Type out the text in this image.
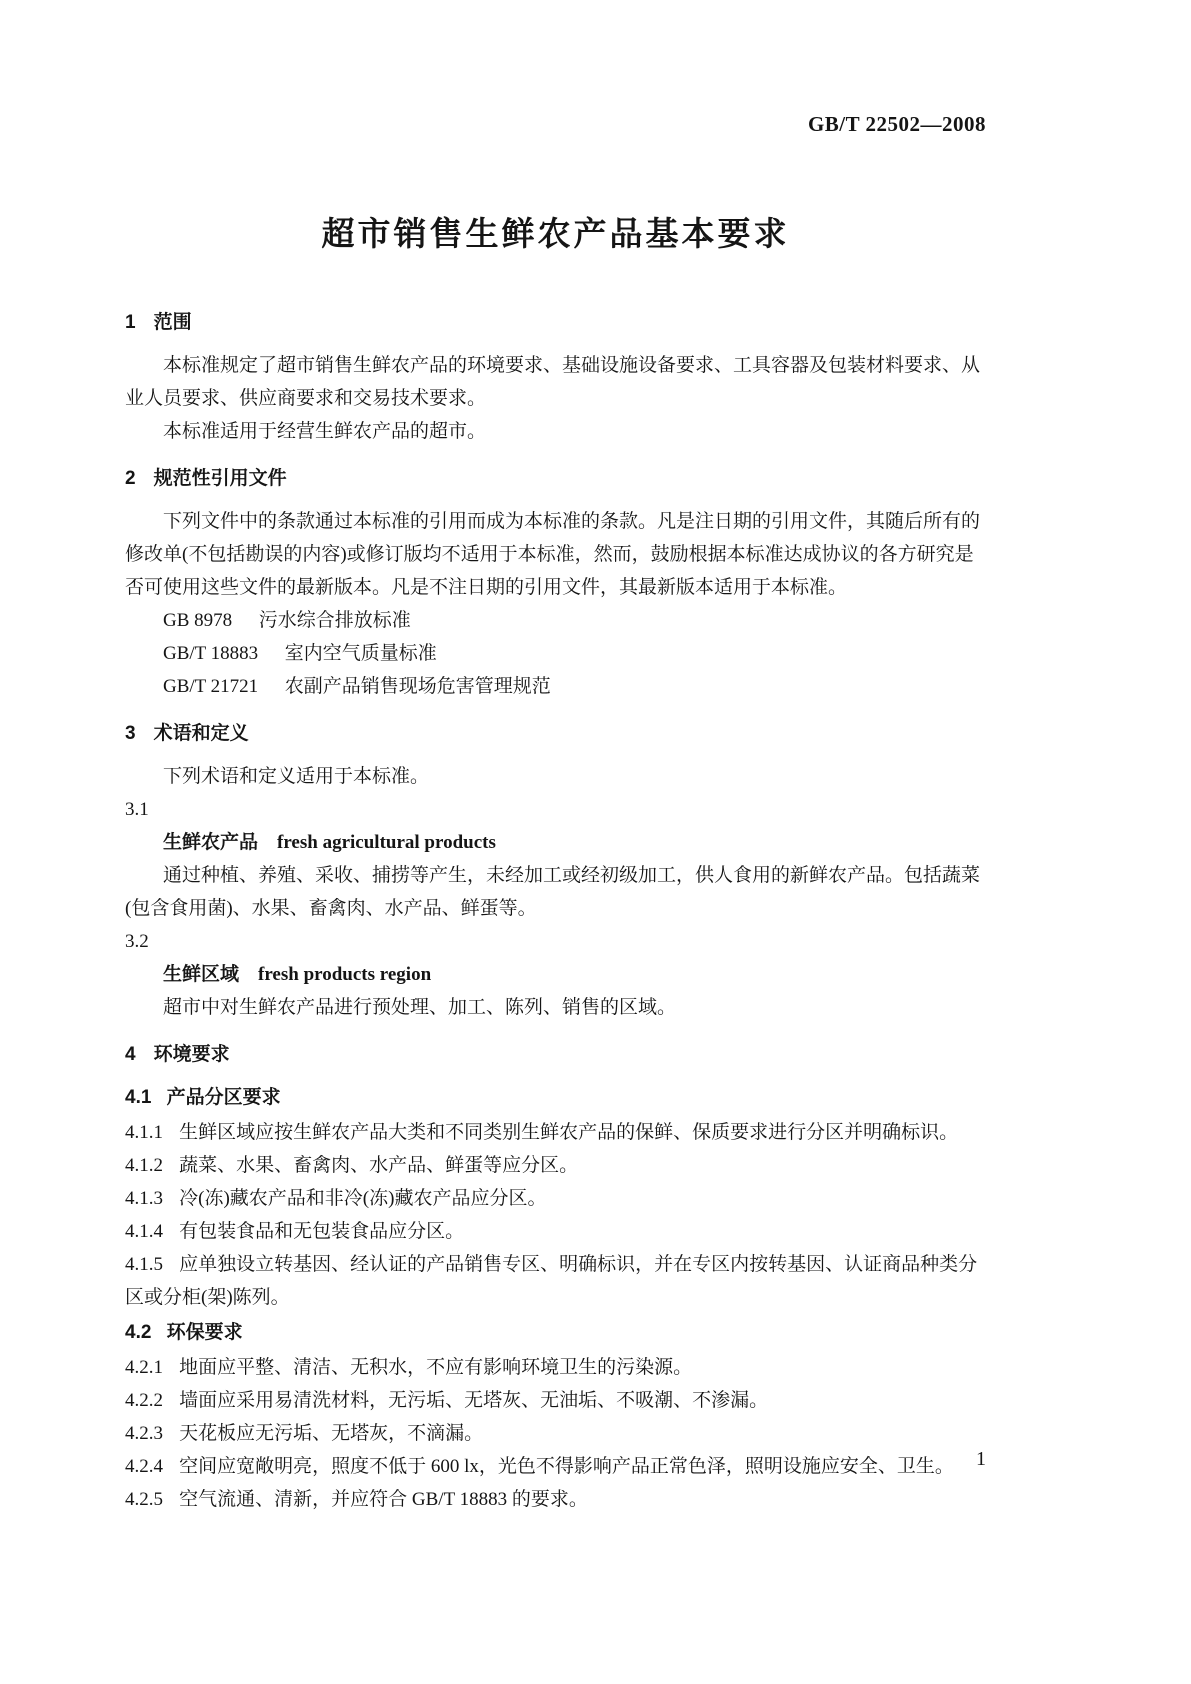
GB/T 22502—2008
超市销售生鲜农产品基本要求
1 范围
本标准规定了超市销售生鲜农产品的环境要求、基础设施设备要求、工具容器及包装材料要求、从业人员要求、供应商要求和交易技术要求。
本标准适用于经营生鲜农产品的超市。
2 规范性引用文件
下列文件中的条款通过本标准的引用而成为本标准的条款。凡是注日期的引用文件，其随后所有的修改单(不包括勘误的内容)或修订版均不适用于本标准，然而，鼓励根据本标准达成协议的各方研究是否可使用这些文件的最新版本。凡是不注日期的引用文件，其最新版本适用于本标准。
GB 8978 污水综合排放标准
GB/T 18883 室内空气质量标准
GB/T 21721 农副产品销售现场危害管理规范
3 术语和定义
下列术语和定义适用于本标准。
3.1
生鲜农产品 fresh agricultural products
通过种植、养殖、采收、捕捞等产生，未经加工或经初级加工，供人食用的新鲜农产品。包括蔬菜(包含食用菌)、水果、畜禽肉、水产品、鲜蛋等。
3.2
生鲜区域 fresh products region
超市中对生鲜农产品进行预处理、加工、陈列、销售的区域。
4 环境要求
4.1 产品分区要求
4.1.1 生鲜区域应按生鲜农产品大类和不同类别生鲜农产品的保鲜、保质要求进行分区并明确标识。
4.1.2 蔬菜、水果、畜禽肉、水产品、鲜蛋等应分区。
4.1.3 冷(冻)藏农产品和非冷(冻)藏农产品应分区。
4.1.4 有包装食品和无包装食品应分区。
4.1.5 应单独设立转基因、经认证的产品销售专区、明确标识，并在专区内按转基因、认证商品种类分区或分柜(架)陈列。
4.2 环保要求
4.2.1 地面应平整、清洁、无积水，不应有影响环境卫生的污染源。
4.2.2 墙面应采用易清洗材料，无污垢、无塔灰、无油垢、不吸潮、不渗漏。
4.2.3 天花板应无污垢、无塔灰，不滴漏。
4.2.4 空间应宽敞明亮，照度不低于 600 lx，光色不得影响产品正常色泽，照明设施应安全、卫生。
4.2.5 空气流通、清新，并应符合 GB/T 18883 的要求。
1
